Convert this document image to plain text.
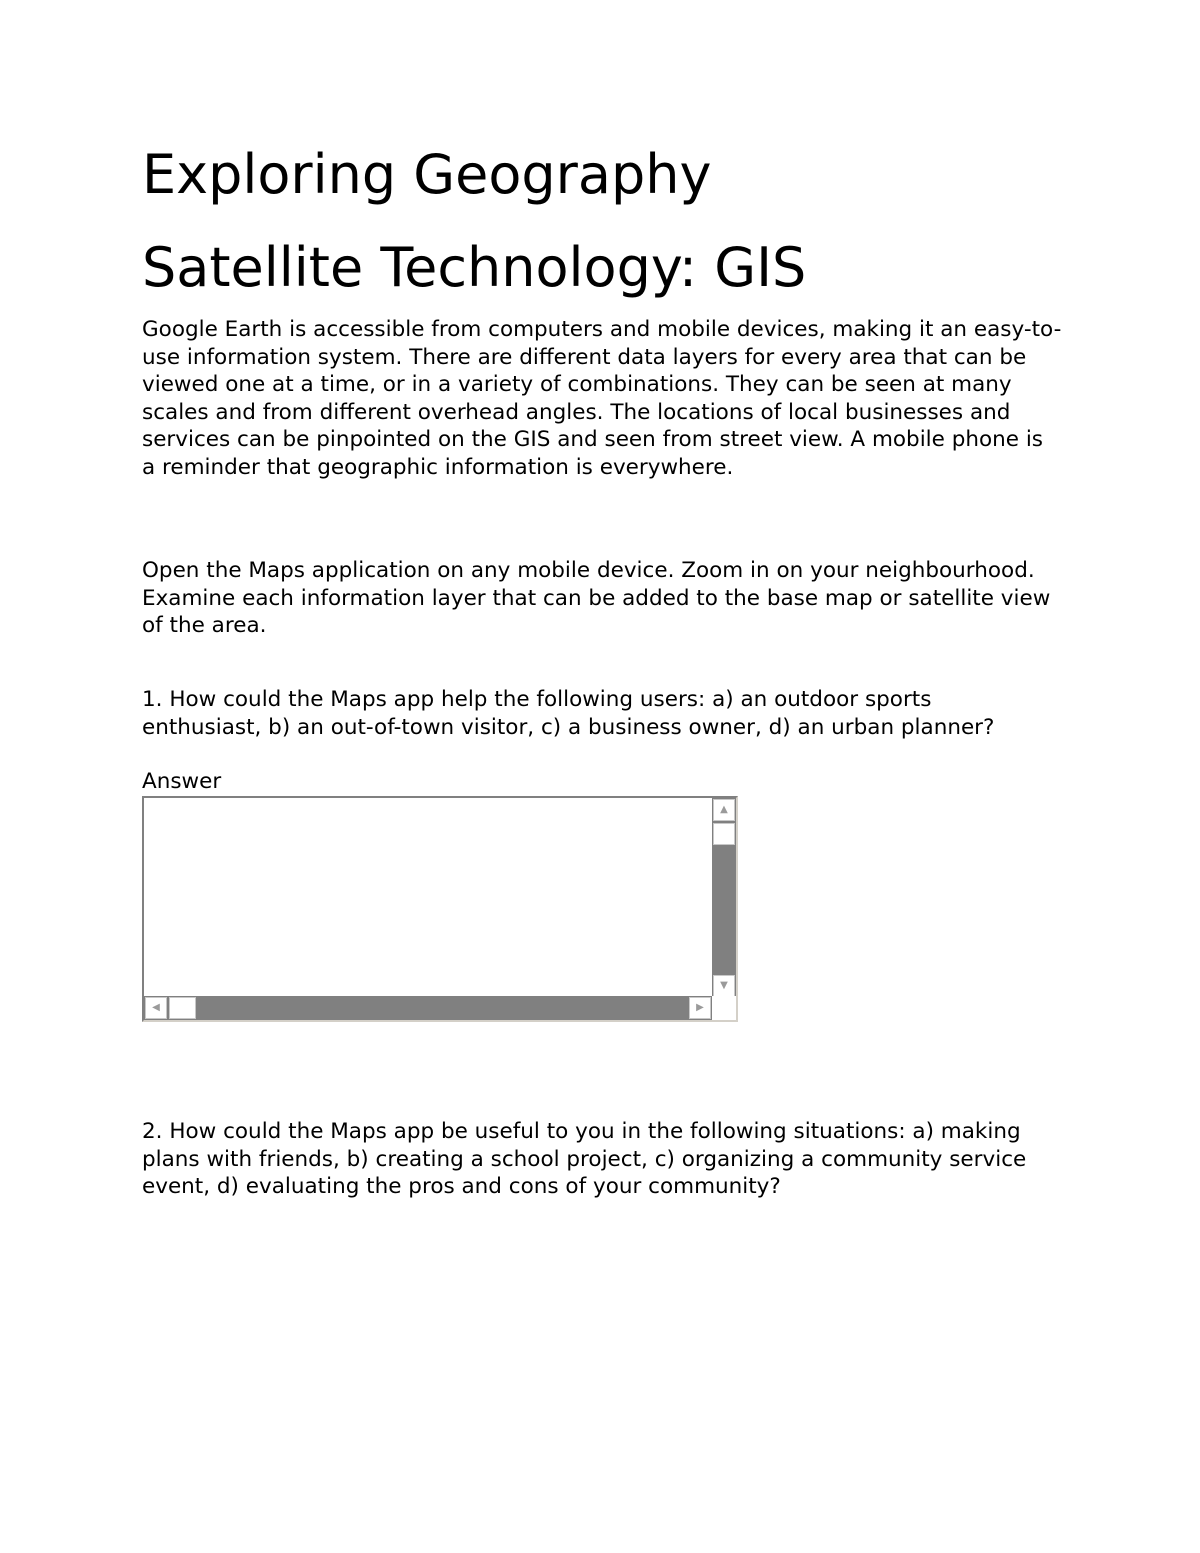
Exploring Geography
Satellite Technology: GIS

Google Earth is accessible from computers and mobile devices, making it an easy-to-use information system. There are different data layers for every area that can be viewed one at a time, or in a variety of combinations. They can be seen at many scales and from different overhead angles. The locations of local businesses and services can be pinpointed on the GIS and seen from street view. A mobile phone is a reminder that geographic information is everywhere.

Open the Maps application on any mobile device. Zoom in on your neighbourhood. Examine each information layer that can be added to the base map or satellite view of the area.

1. How could the Maps app help the following users: a) an outdoor sports enthusiast, b) an out-of-town visitor, c) a business owner, d) an urban planner?

Answer

▲
▼
◀	▶

2. How could the Maps app be useful to you in the following situations: a) making plans with friends, b) creating a school project, c) organizing a community service event, d) evaluating the pros and cons of your community?
